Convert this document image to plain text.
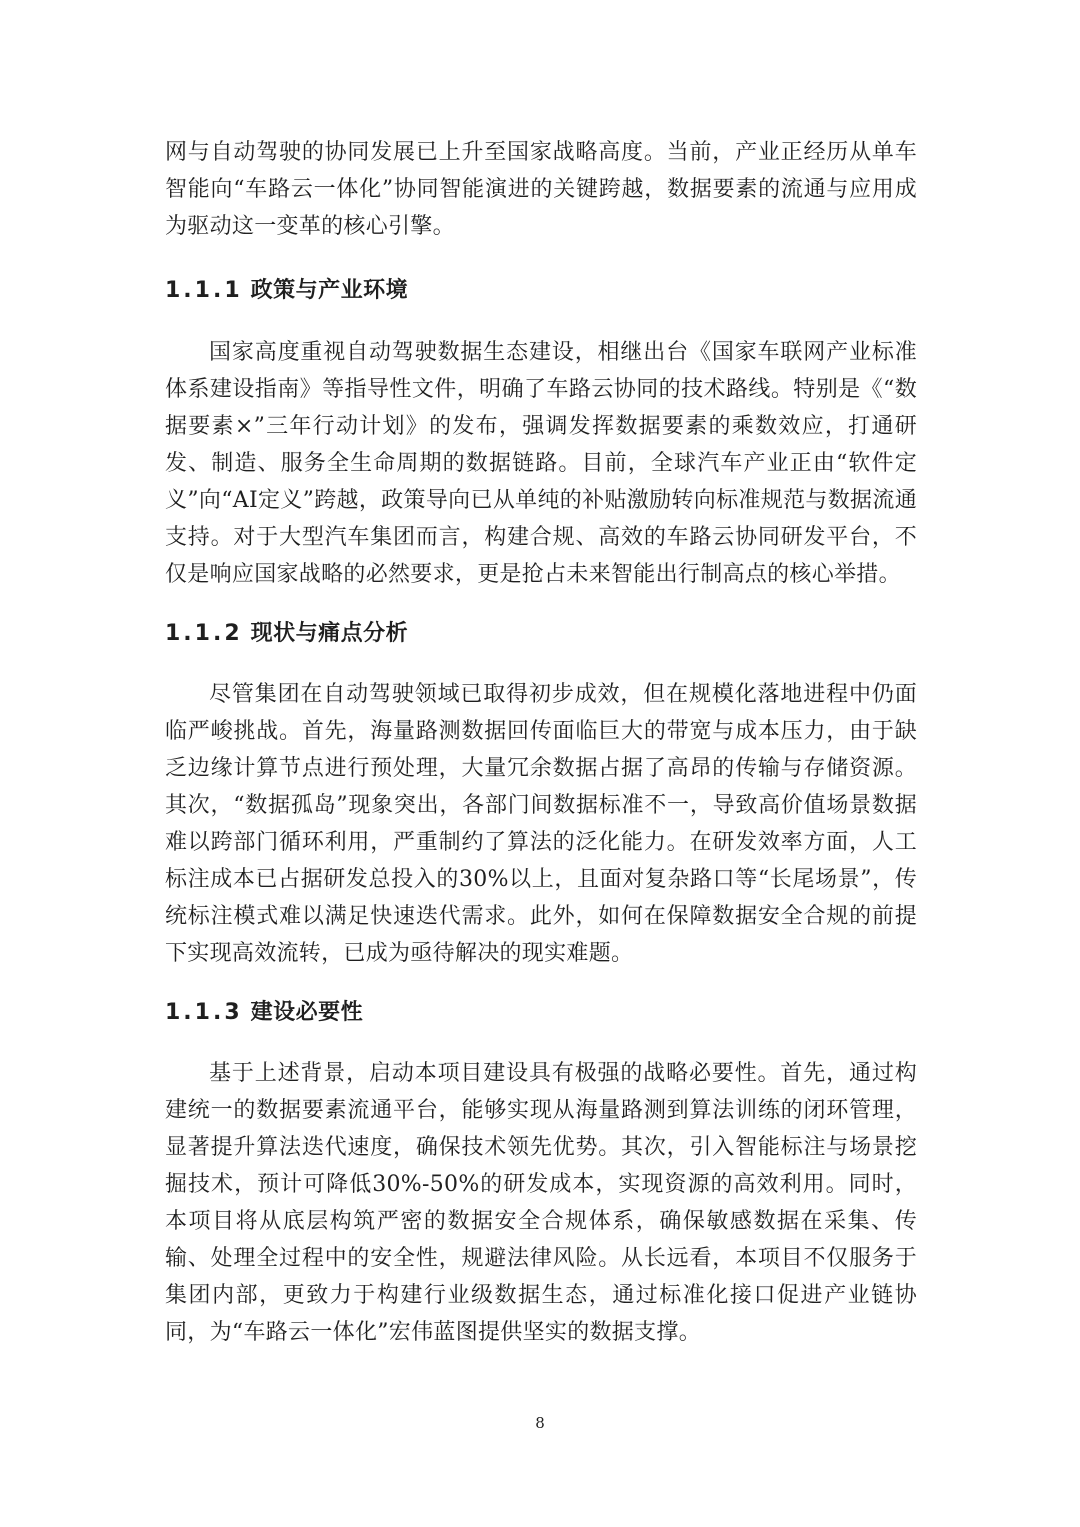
网与自动驾驶的协同发展已上升至国家战略高度。当前，产业正经历从单车智能向“车路云一体化”协同智能演进的关键跨越，数据要素的流通与应用成为驱动这一变革的核心引擎。

1.1.1 政策与产业环境

国家高度重视自动驾驶数据生态建设，相继出台《国家车联网产业标准体系建设指南》等指导性文件，明确了车路云协同的技术路线。特别是《“数据要素×”三年行动计划》的发布，强调发挥数据要素的乘数效应，打通研发、制造、服务全生命周期的数据链路。目前，全球汽车产业正由“软件定义”向“AI定义”跨越，政策导向已从单纯的补贴激励转向标准规范与数据流通支持。对于大型汽车集团而言，构建合规、高效的车路云协同研发平台，不仅是响应国家战略的必然要求，更是抢占未来智能出行制高点的核心举措。

1.1.2 现状与痛点分析

尽管集团在自动驾驶领域已取得初步成效，但在规模化落地进程中仍面临严峻挑战。首先，海量路测数据回传面临巨大的带宽与成本压力，由于缺乏边缘计算节点进行预处理，大量冗余数据占据了高昂的传输与存储资源。其次，“数据孤岛”现象突出，各部门间数据标准不一，导致高价值场景数据难以跨部门循环利用，严重制约了算法的泛化能力。在研发效率方面，人工标注成本已占据研发总投入的30%以上，且面对复杂路口等“长尾场景”，传统标注模式难以满足快速迭代需求。此外，如何在保障数据安全合规的前提下实现高效流转，已成为亟待解决的现实难题。

1.1.3 建设必要性

基于上述背景，启动本项目建设具有极强的战略必要性。首先，通过构建统一的数据要素流通平台，能够实现从海量路测到算法训练的闭环管理，显著提升算法迭代速度，确保技术领先优势。其次，引入智能标注与场景挖掘技术，预计可降低30%-50%的研发成本，实现资源的高效利用。同时，本项目将从底层构筑严密的数据安全合规体系，确保敏感数据在采集、传输、处理全过程中的安全性，规避法律风险。从长远看，本项目不仅服务于集团内部，更致力于构建行业级数据生态，通过标准化接口促进产业链协同，为“车路云一体化”宏伟蓝图提供坚实的数据支撑。

8
